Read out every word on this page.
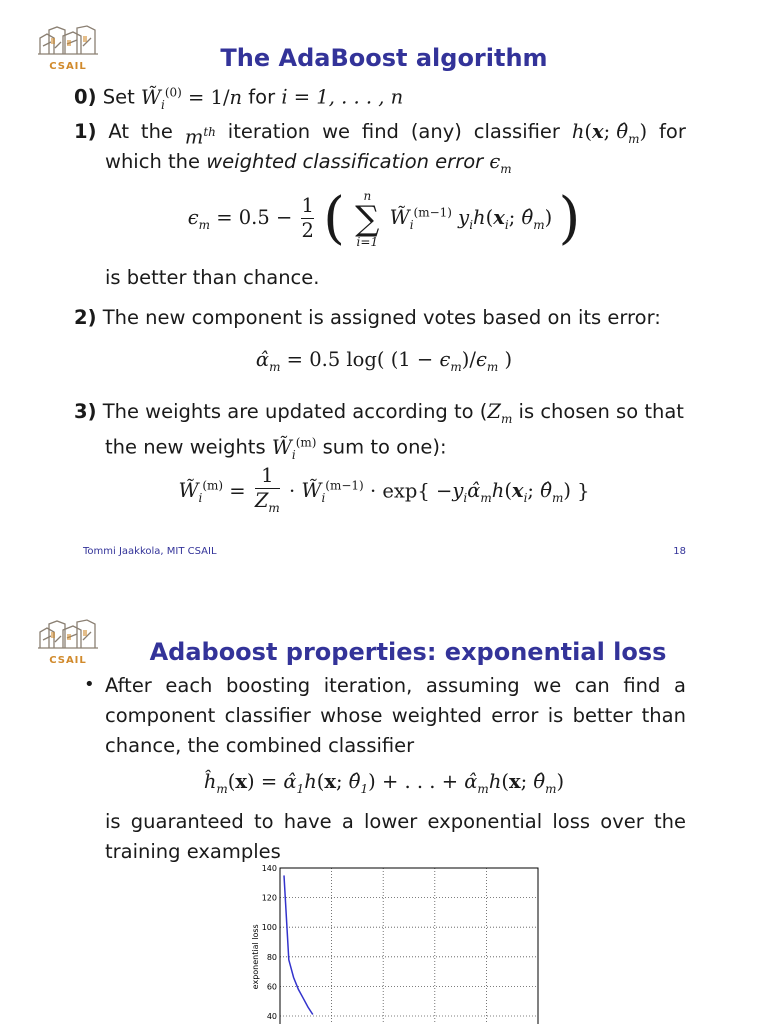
CSAIL	The AdaBoost algorithm
0) Set $W̃_i^{(0)} = 1/n$ for i = 1, . . . , n
1) At the $m^{th}$ iteration we find (any) classifier h(x; $\thetâ_m$) for
which the weighted classification error $\epsilon_m$
$\epsilon_m = 0.5 - \frac{1}{2}$ (	n
∑
i=1
$W̃_i^{(m-1)}$ $y_ih(x_i$; $\thetâ_m$) )
is better than chance.
2) The new component is assigned votes based on its error:
$\alphâ_m = 0.5$ log( $(1 - \epsilon_m)/\epsilon_m$ )
3) The weights are updated according to ($Z_m$ is chosen so that
the new weights $W̃_i^{(m)}$ sum to one):
$W̃_i^{(m)} = \frac{1}{Z_m}$ · $W̃_i^{(m-1)} \cdot \exp${ $-y_i\alphâ_mh(x_i$; $\thetâ_m$) }
Tommi Jaakkola, MIT CSAIL	18
CSAIL	Adaboost properties: exponential loss
• After each boosting iteration, assuming we can find a
component classifier whose weighted error is better than
chance, the combined classifier
$ĥ_m(x)$ = $\alphâ_1h(x$; $\thetâ_1$) + . . . + $\alphâ_mh(x$; $\thetâ_m$)
is guaranteed to have a lower exponential loss over the
training examples
40
60
80
100
120
140
exponential loss
